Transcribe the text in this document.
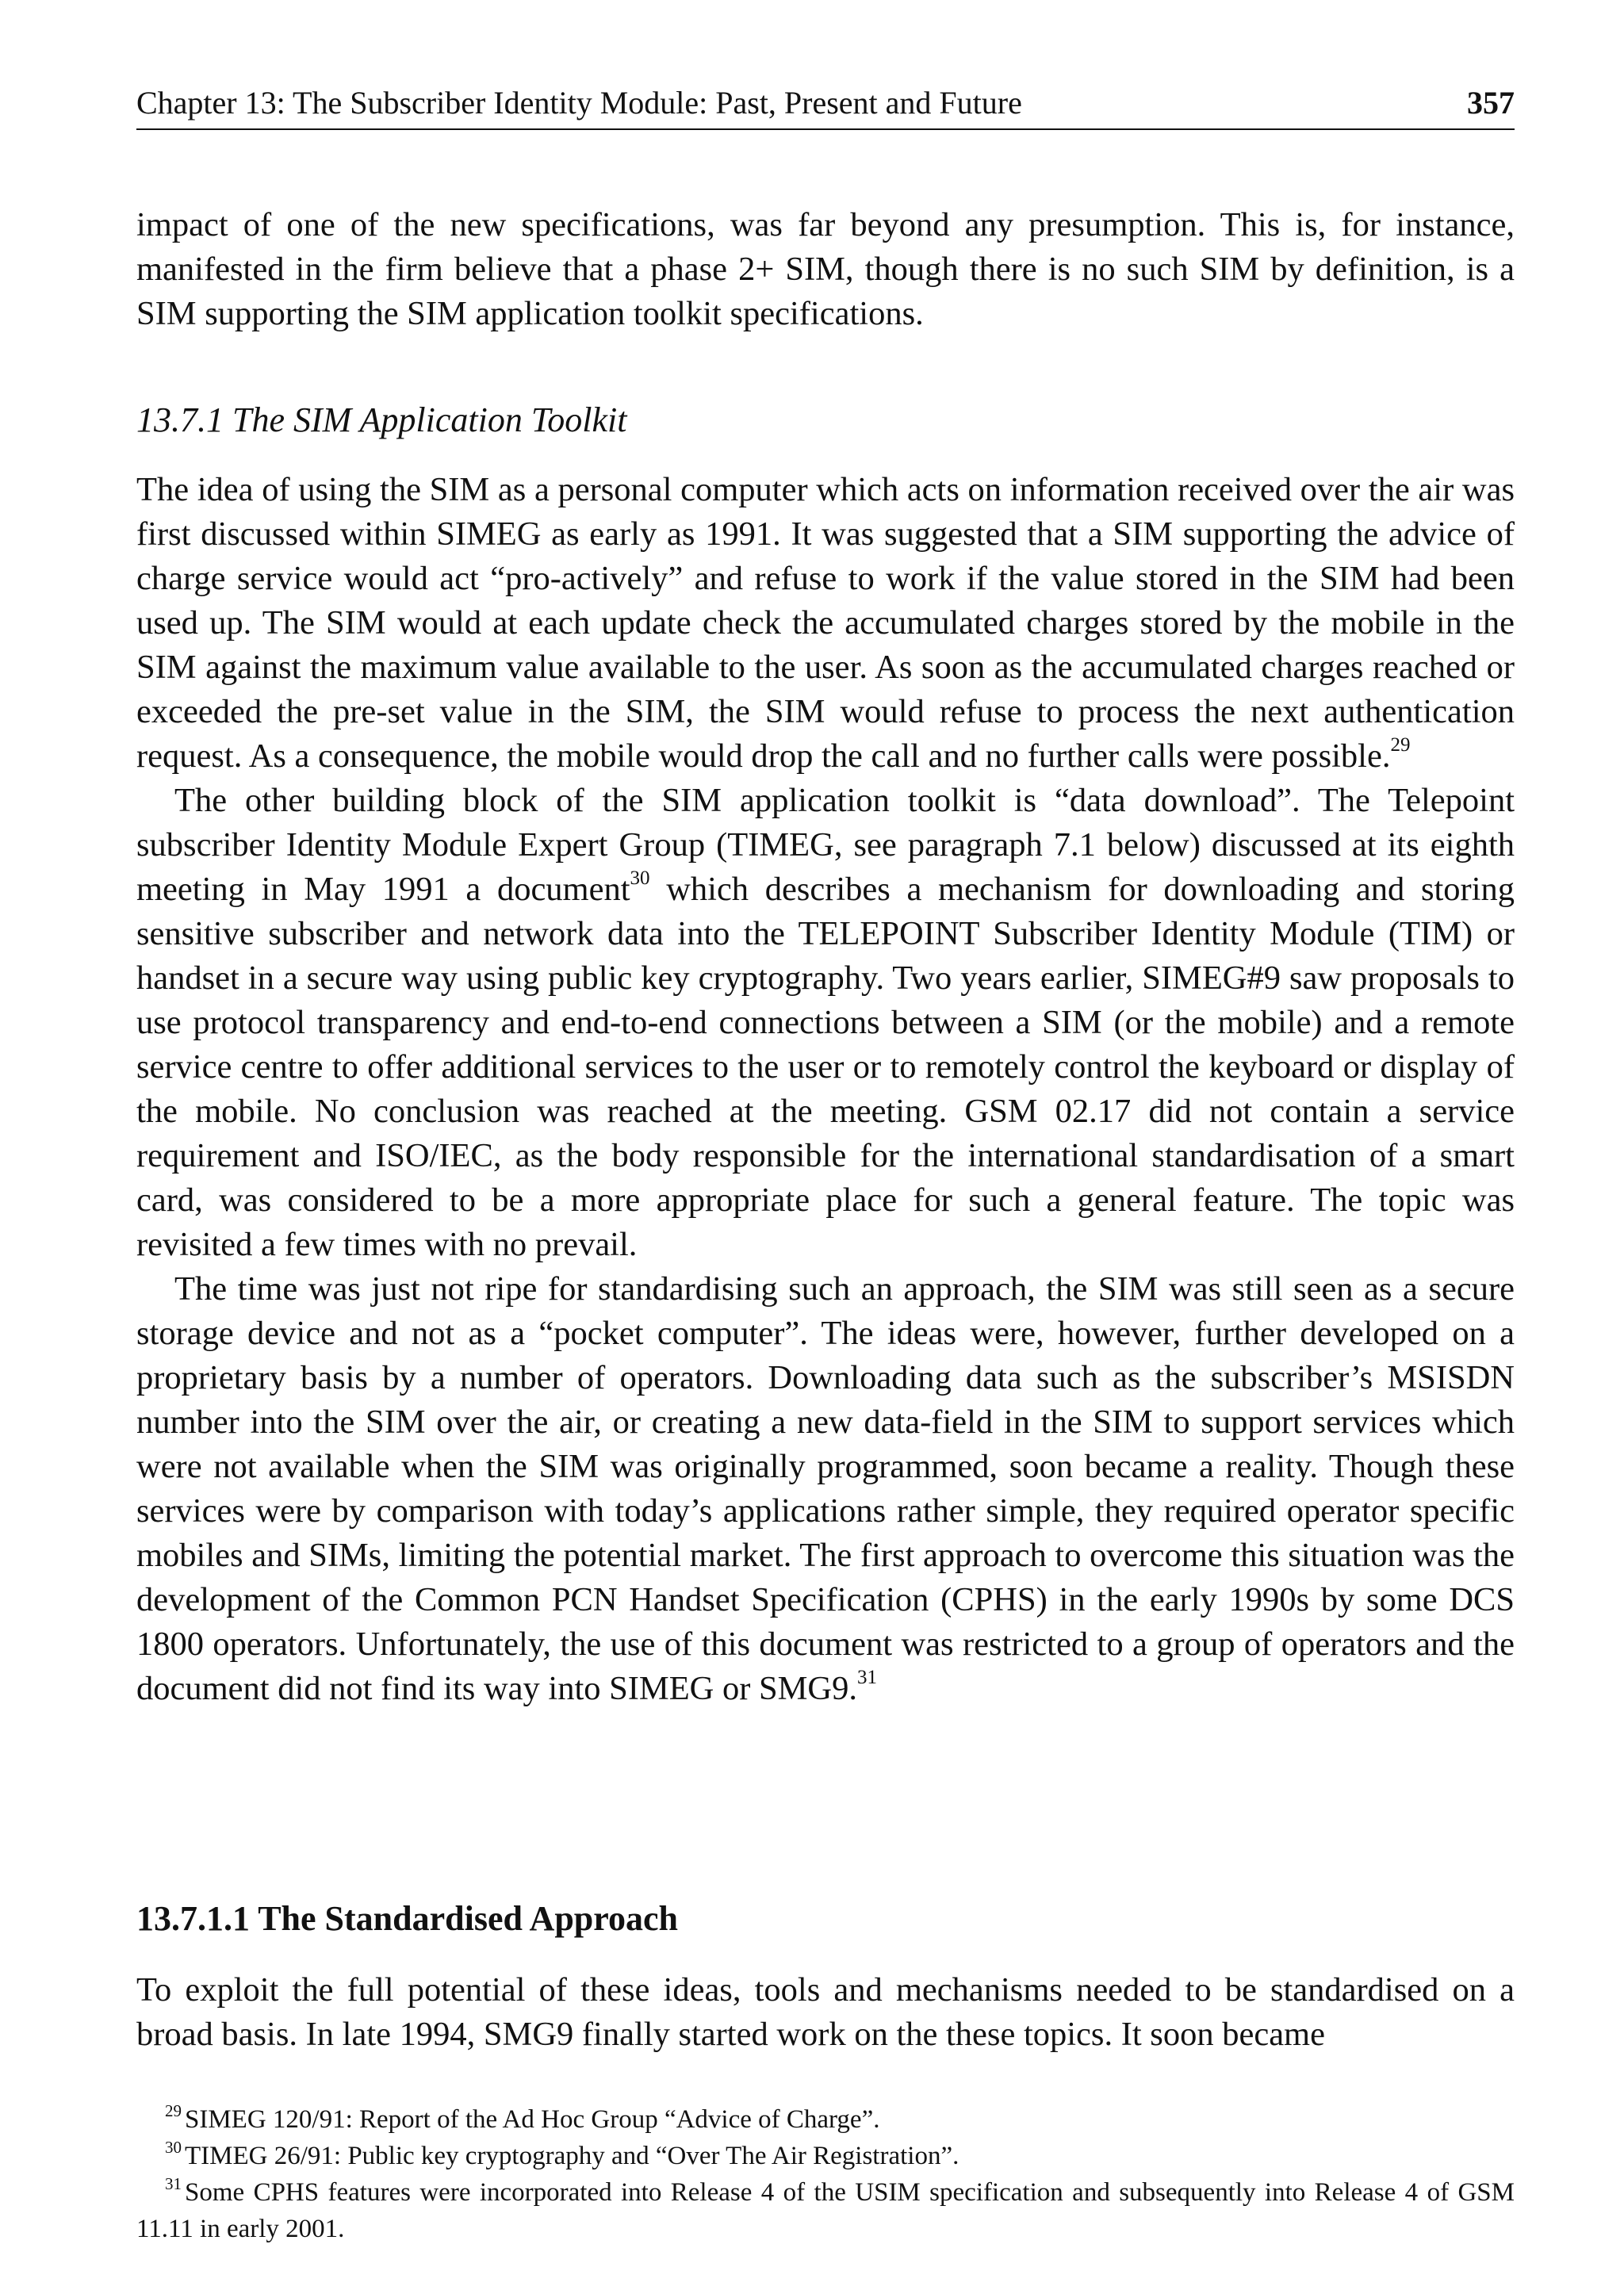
Chapter 13: The Subscriber Identity Module: Past, Present and Future	357

impact of one of the new specifications, was far beyond any presumption. This is, for instance, manifested in the firm believe that a phase 2+ SIM, though there is no such SIM by definition, is a SIM supporting the SIM application toolkit specifications.

13.7.1 The SIM Application Toolkit

The idea of using the SIM as a personal computer which acts on information received over the air was first discussed within SIMEG as early as 1991. It was suggested that a SIM supporting the advice of charge service would act “pro-actively” and refuse to work if the value stored in the SIM had been used up. The SIM would at each update check the accumulated charges stored by the mobile in the SIM against the maximum value available to the user. As soon as the accumulated charges reached or exceeded the pre-set value in the SIM, the SIM would refuse to process the next authentication request. As a consequence, the mobile would drop the call and no further calls were possible.$^{29}$

The other building block of the SIM application toolkit is “data download”. The Telepoint subscriber Identity Module Expert Group (TIMEG, see paragraph 7.1 below) discussed at its eighth meeting in May 1991 a document$^{30}$ which describes a mechanism for downloading and storing sensitive subscriber and network data into the TELEPOINT Subscriber Identity Module (TIM) or handset in a secure way using public key cryptography. Two years earlier, SIMEG#9 saw proposals to use protocol transparency and end-to-end connections between a SIM (or the mobile) and a remote service centre to offer additional services to the user or to remotely control the keyboard or display of the mobile. No conclusion was reached at the meeting. GSM 02.17 did not contain a service requirement and ISO/IEC, as the body responsible for the international standardisation of a smart card, was considered to be a more appropriate place for such a general feature. The topic was revisited a few times with no prevail.

The time was just not ripe for standardising such an approach, the SIM was still seen as a secure storage device and not as a “pocket computer”. The ideas were, however, further developed on a proprietary basis by a number of operators. Downloading data such as the subscriber’s MSISDN number into the SIM over the air, or creating a new data-field in the SIM to support services which were not available when the SIM was originally programmed, soon became a reality. Though these services were by comparison with today’s applications rather simple, they required operator specific mobiles and SIMs, limiting the potential market. The first approach to overcome this situation was the development of the Common PCN Handset Specification (CPHS) in the early 1990s by some DCS 1800 operators. Unfortunately, the use of this document was restricted to a group of operators and the document did not find its way into SIMEG or SMG9.31

13.7.1.1 The Standardised Approach

To exploit the full potential of these ideas, tools and mechanisms needed to be standardised on a broad basis. In late 1994, SMG9 finally started work on the these topics. It soon became

$^{29}$ SIMEG 120/91: Report of the Ad Hoc Group “Advice of Charge”.

$^{30}$ TIMEG 26/91: Public key cryptography and “Over The Air Registration”.

$^{31}$ Some CPHS features were incorporated into Release 4 of the USIM specification and subsequently into Release 4 of GSM 11.11 in early 2001.
